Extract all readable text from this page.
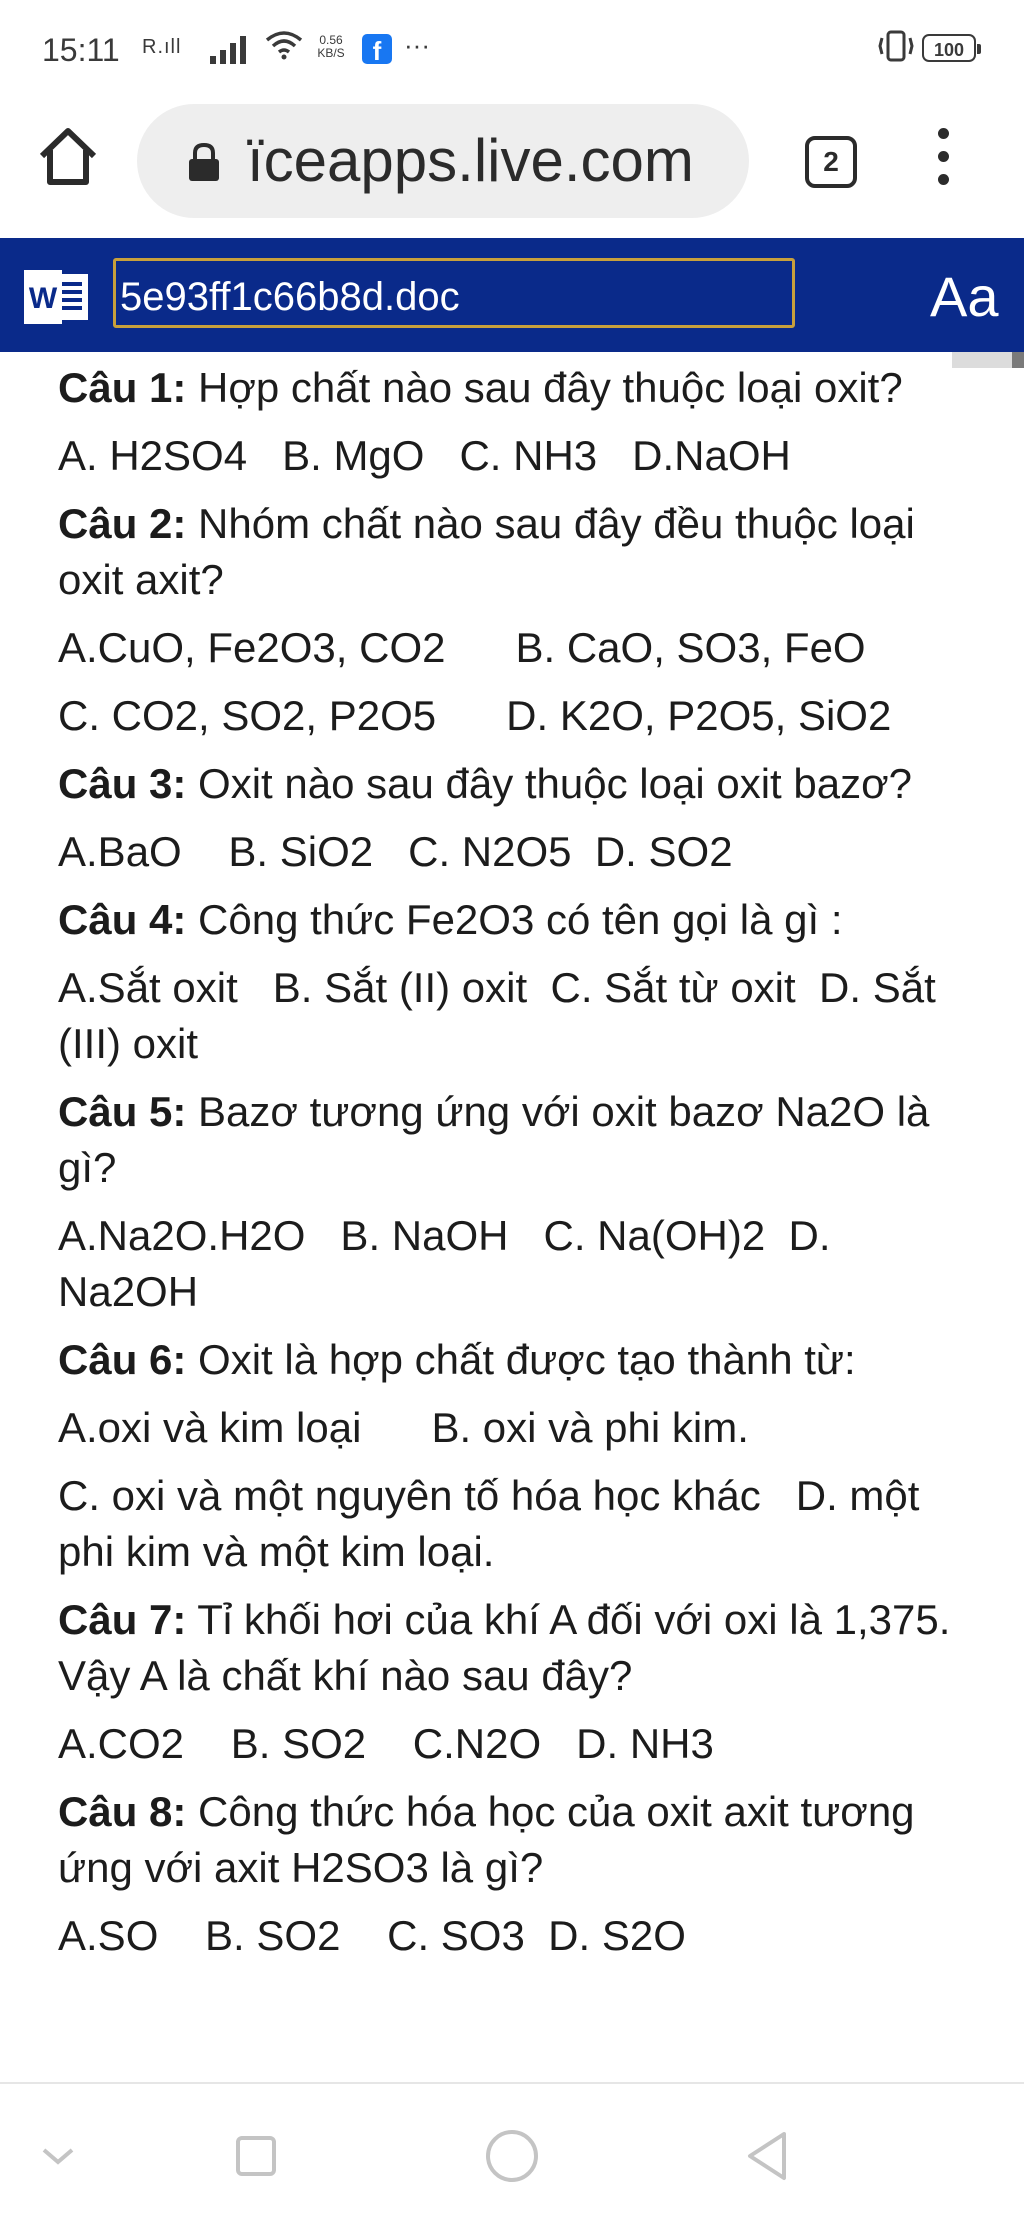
15:11 R.ıll	0.56
KB/S	f ···	100
ïceapps.live.com	2
W 5e93ff1c66b8d.doc	Aa
Câu 1: Hợp chất nào sau đây thuộc loại oxit?
A. H2SO4   B. MgO   C. NH3   D.NaOH
Câu 2: Nhóm chất nào sau đây đều thuộc loại oxit axit?
A.CuO, Fe2O3, CO2      B. CaO, SO3, FeO
C. CO2, SO2, P2O5      D. K2O, P2O5, SiO2
Câu 3: Oxit nào sau đây thuộc loại oxit bazơ?
A.BaO    B. SiO2   C. N2O5  D. SO2
Câu 4: Công thức Fe2O3 có tên gọi là gì :
A.Sắt oxit   B. Sắt (II) oxit  C. Sắt từ oxit  D. Sắt (III) oxit
Câu 5: Bazơ tương ứng với oxit bazơ Na2O là gì?
A.Na2O.H2O   B. NaOH   C. Na(OH)2  D. Na2OH
Câu 6: Oxit là hợp chất được tạo thành từ:
A.oxi và kim loại      B. oxi và phi kim.
C. oxi và một nguyên tố hóa học khác   D. một phi kim và một kim loại.
Câu 7: Tỉ khối hơi của khí A đối với oxi là 1,375. Vậy A là chất khí nào sau đây?
A.CO2    B. SO2    C.N2O   D. NH3
Câu 8: Công thức hóa học của oxit axit tương ứng với axit H2SO3 là gì?
A.SO    B. SO2    C. SO3  D. S2O
